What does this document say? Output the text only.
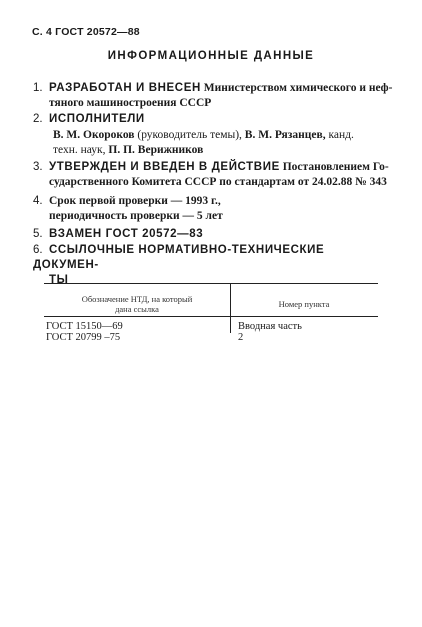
С. 4 ГОСТ 20572—88
ИНФОРМАЦИОННЫЕ ДАННЫЕ
1. РАЗРАБОТАН И ВНЕСЕН Министерством химического и неф-
тяного машиностроения СССР
2. ИСПОЛНИТЕЛИ
В. М. Окороков (руководитель темы), В. М. Рязанцев, канд.
техн. наук, П. П. Верижников
3. УТВЕРЖДЕН И ВВЕДЕН В ДЕЙСТВИЕ Постановлением Го-
сударственного Комитета СССР по стандартам от 24.02.88 № 343
4. Срок первой проверки — 1993 г.,
периодичность проверки — 5 лет
5. ВЗАМЕН ГОСТ 20572—83
6. ССЫЛОЧНЫЕ НОРМАТИВНО-ТЕХНИЧЕСКИЕ ДОКУМЕН-
ТЫ
Обозначение НТД, на который
дана ссылка	Номер пункта
ГОСТ 15150—69	Вводная часть
ГОСТ 20799 –75	2
